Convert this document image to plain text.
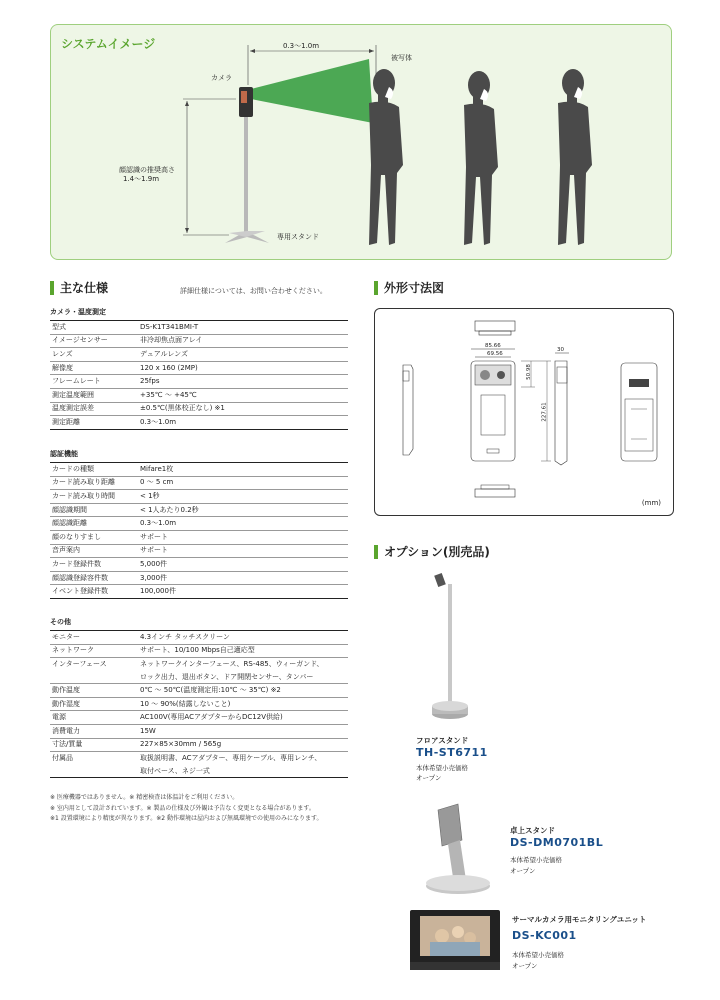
システムイメージ	0.3～1.0m
被写体
カメラ
顔認識の推奨高さ
1.4～1.9m
専用スタンド
主な仕様	詳細仕様については、お問い合わせください。
カメラ・温度測定
型式	DS-K1T341BMI-T
イメージセンサー	非冷却焦点面アレイ
レンズ	デュアルレンズ
解像度	120 x 160 (2MP)
フレームレート	25fps
測定温度範囲	+35℃ ～ +45℃
温度測定誤差	±0.5℃(黒体校正なし) ※1
測定距離	0.3～1.0m
認証機能
カードの種類	Mifare1枚
カード読み取り距離	0 ～ 5 cm
カード読み取り時間	< 1秒
顔認識期間	< 1人あたり0.2秒
顔認識距離	0.3～1.0m
顔のなりすまし	サポート
音声案内	サポート
カード登録件数	5,000件
顔認識登録容件数	3,000件
イベント登録件数	100,000件
その他
モニター	4.3インチ タッチスクリーン
ネットワーク	サポート、10/100 Mbps自己適応型
インターフェース	ネットワークインターフェース、RS-485、ウィーガンド、
ロック出力、退出ボタン、ドア開閉センサー、タンパー

動作温度	0℃ ～ 50℃(温度測定用:10℃ ～ 35℃) ※2
動作湿度	10 ～ 90%(結露しないこと)
電源	AC100V(専用ACアダプターからDC12V供給)
消費電力	15W
寸法/質量	227×85×30mm / 565g
付属品	取扱説明書、ACアダプター、専用ケーブル、専用レンチ、
取付ベース、ネジ一式
※ 医療機器ではありません。※ 精密検査は体温計をご利用ください。
※ 室内用として設計されています。※ 製品の仕様及び外観は予告なく変更となる場合があります。
※1 設置環境により精度が異なります。※2 動作環境は屋内および無風環境での使用のみになります。
外形寸法図
85.66
69.56
30
50.98
227.61
(mm)
オプション(別売品)
フロアスタンド
TH-ST6711
本体希望小売価格
オープン
卓上スタンド
DS-DM0701BL
本体希望小売価格
オープン
サーマルカメラ用モニタリングユニット
DS-KC001
本体希望小売価格
オープン
